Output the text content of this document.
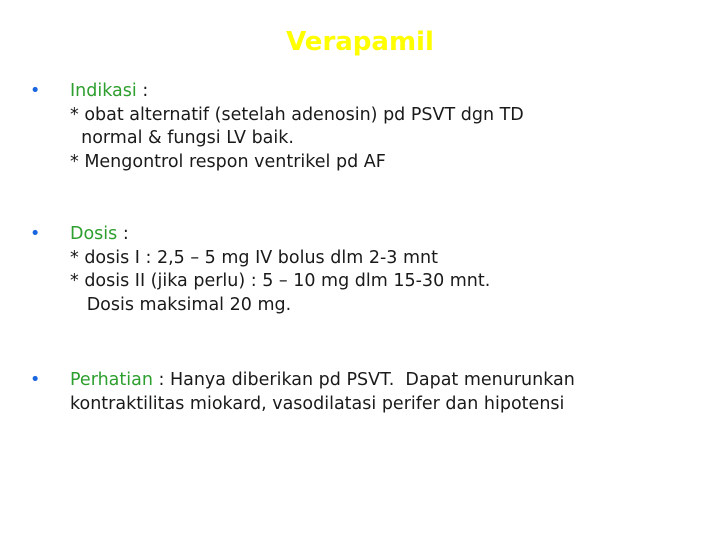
Verapamil
• Indikasi :
* obat alternatif (setelah adenosin) pd PSVT dgn TD
normal & fungsi LV baik.
* Mengontrol respon ventrikel pd AF
• Dosis :
* dosis I : 2,5 – 5 mg IV bolus dlm 2-3 mnt
* dosis II (jika perlu) : 5 – 10 mg dlm 15-30 mnt.
Dosis maksimal 20 mg.
• Perhatian : Hanya diberikan pd PSVT.  Dapat menurunkan
kontraktilitas miokard, vasodilatasi perifer dan hipotensi
